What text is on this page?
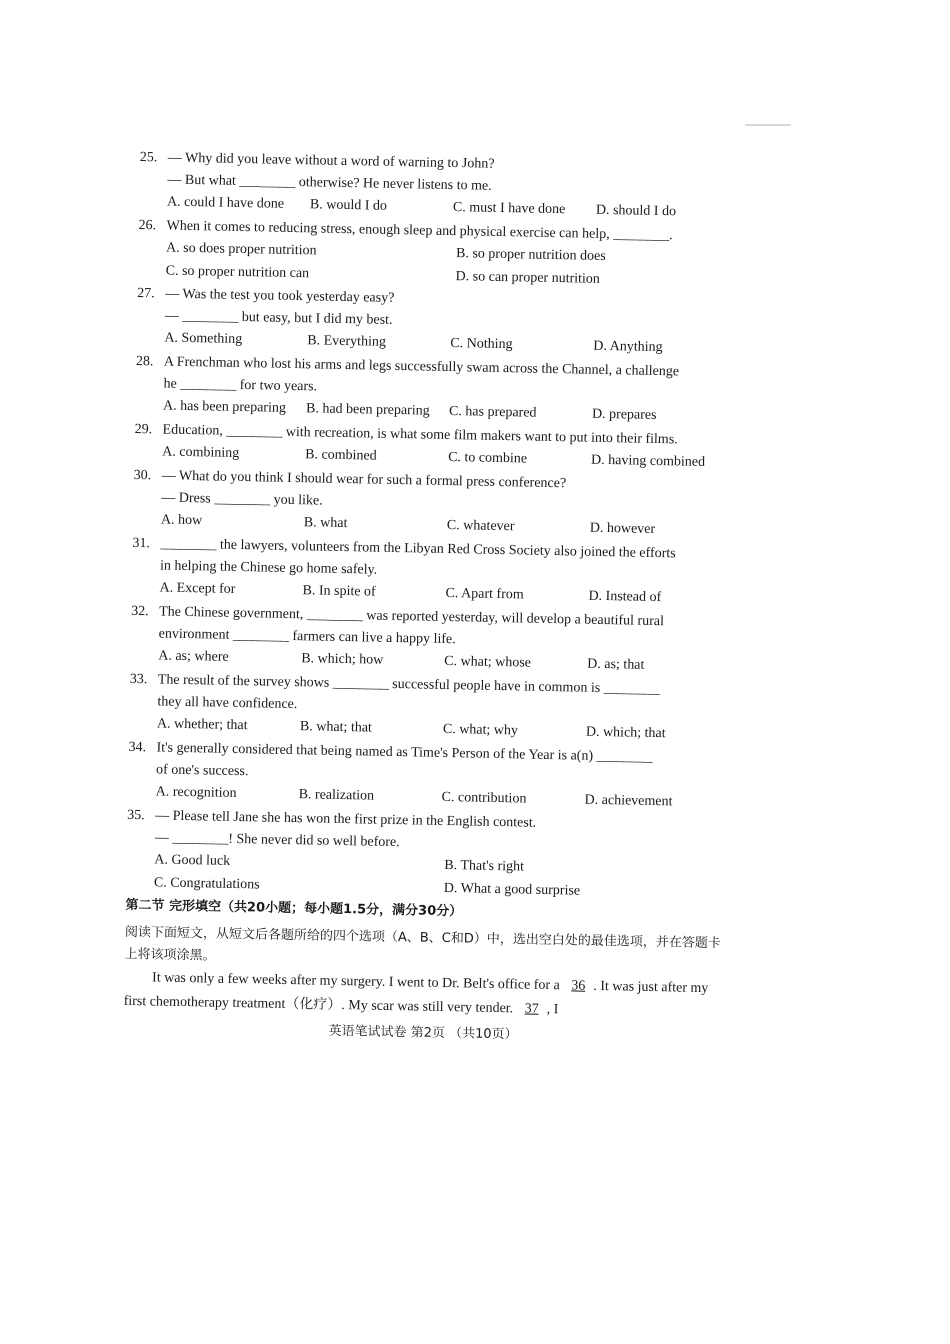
25. — Why did you leave without a word of warning to John?
— But what ________ otherwise? He never listens to me.
A. could I have done	B. would I do	C. must I have done	D. should I do
26. When it comes to reducing stress, enough sleep and physical exercise can help, ________.
A. so does proper nutrition	B. so proper nutrition does
C. so proper nutrition can	D. so can proper nutrition
27. — Was the test you took yesterday easy?
— ________ but easy, but I did my best.
A. Something	B. Everything	C. Nothing	D. Anything
28. A Frenchman who lost his arms and legs successfully swam across the Channel, a challenge
he ________ for two years.
A. has been preparing	B. had been preparing	C. has prepared	D. prepares
29. Education, ________ with recreation, is what some film makers want to put into their films.
A. combining	B. combined	C. to combine	D. having combined
30. — What do you think I should wear for such a formal press conference?
— Dress ________ you like.
A. how	B. what	C. whatever	D. however
31. ________ the lawyers, volunteers from the Libyan Red Cross Society also joined the efforts
in helping the Chinese go home safely.
A. Except for	B. In spite of	C. Apart from	D. Instead of
32. The Chinese government, ________ was reported yesterday, will develop a beautiful rural
environment ________ farmers can live a happy life.
A. as; where	B. which; how	C. what; whose	D. as; that
33. The result of the survey shows ________ successful people have in common is ________
they all have confidence.
A. whether; that	B. what; that	C. what; why	D. which; that
34. It's generally considered that being named as Time's Person of the Year is a(n) ________
of one's success.
A. recognition	B. realization	C. contribution	D. achievement
35. — Please tell Jane she has won the first prize in the English contest.
— ________! She never did so well before.
A. Good luck	B. That's right
C. Congratulations	D. What a good surprise
第二节 完形填空（共20小题；每小题1.5分，满分30分）
阅读下面短文，从短文后各题所给的四个选项（A、B、C和D）中，选出空白处的最佳选项，并在答题卡上将该项涂黑。
It was only a few weeks after my surgery. I went to Dr. Belt's office for a 36 . It was just after my first chemotherapy treatment（化疗）. My scar was still very tender. 37 , I
英语笔试试卷 第2页 （共10页）
